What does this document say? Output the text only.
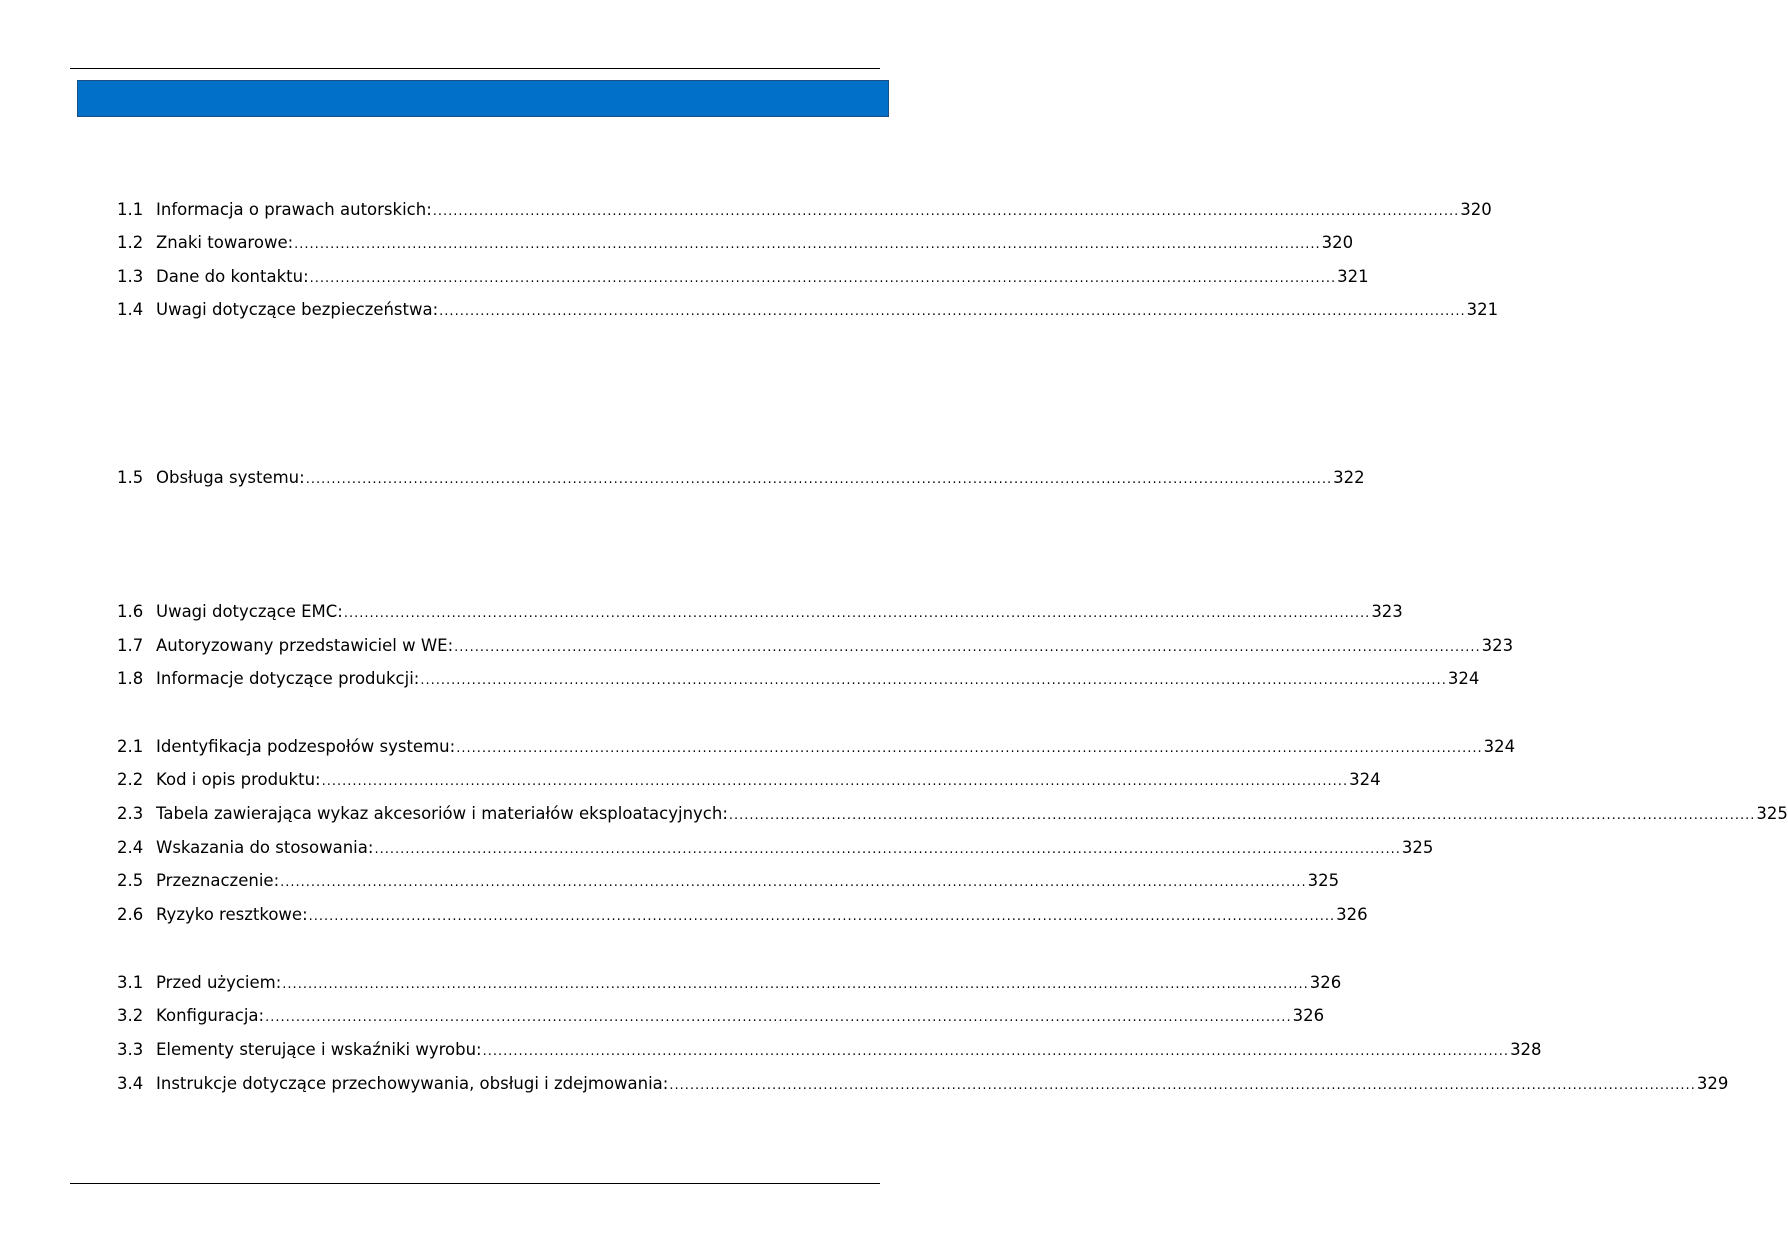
1.1 Informacja o prawach autorskich: ........................................................................................................................................................................................................ 320
1.2 Znaki towarowe: ........................................................................................................................................................................................................ 320
1.3 Dane do kontaktu: ........................................................................................................................................................................................................ 321
1.4 Uwagi dotyczące bezpieczeństwa: ........................................................................................................................................................................................................ 321
1.5 Obsługa systemu: ........................................................................................................................................................................................................ 322
1.6 Uwagi dotyczące EMC: ........................................................................................................................................................................................................ 323
1.7 Autoryzowany przedstawiciel w WE: ........................................................................................................................................................................................................ 323
1.8 Informacje dotyczące produkcji: ........................................................................................................................................................................................................ 324
2.1 Identyfikacja podzespołów systemu: ........................................................................................................................................................................................................ 324
2.2 Kod i opis produktu: ........................................................................................................................................................................................................ 324
2.3 Tabela zawierająca wykaz akcesoriów i materiałów eksploatacyjnych: ........................................................................................................................................................................................................ 325
2.4 Wskazania do stosowania: ........................................................................................................................................................................................................ 325
2.5 Przeznaczenie: ........................................................................................................................................................................................................ 325
2.6 Ryzyko resztkowe: ........................................................................................................................................................................................................ 326
3.1 Przed użyciem: ........................................................................................................................................................................................................ 326
3.2 Konfiguracja: ........................................................................................................................................................................................................ 326
3.3 Elementy sterujące i wskaźniki wyrobu: ........................................................................................................................................................................................................ 328
3.4 Instrukcje dotyczące przechowywania, obsługi i zdejmowania: ........................................................................................................................................................................................................ 329
